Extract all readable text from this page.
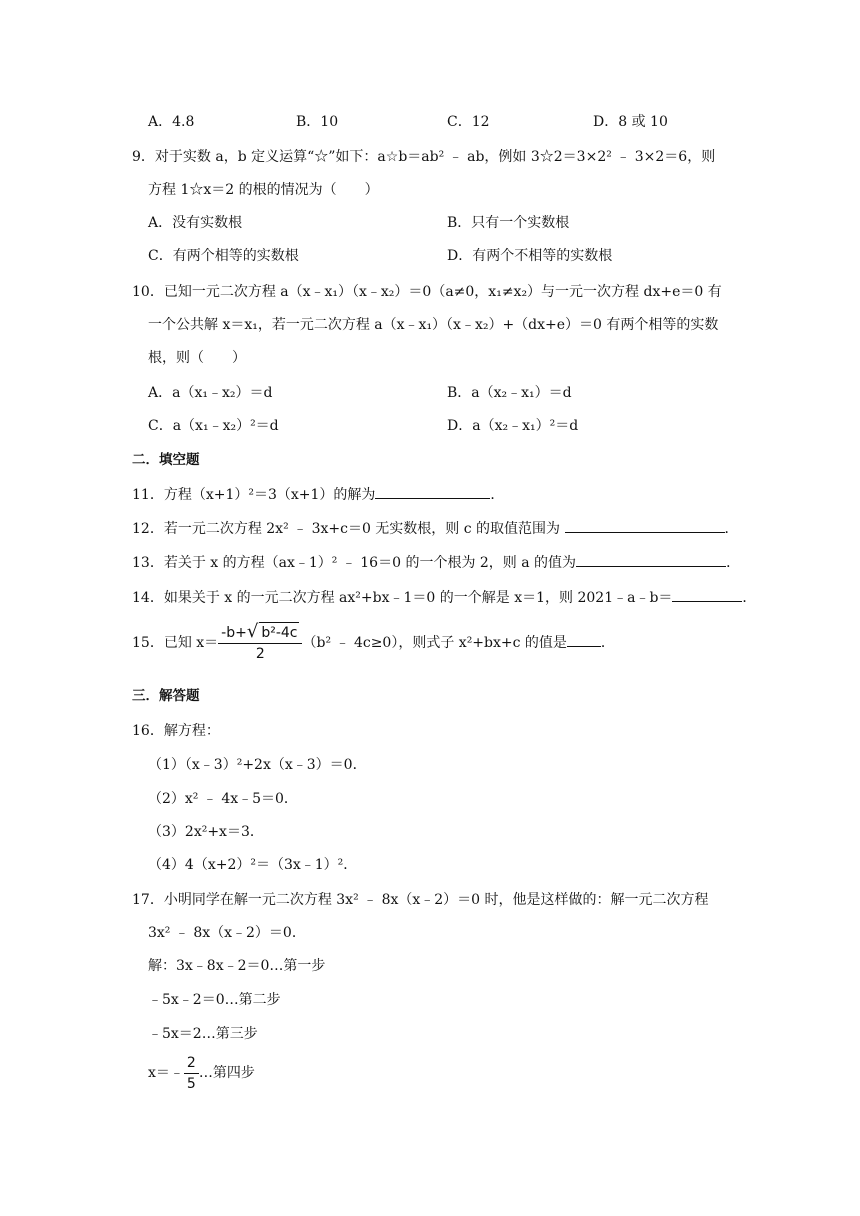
A．4.8	B．10	C．12	D．8 或 10
9．对于实数 a，b 定义运算“☆”如下：a☆b＝ab² ﹣ ab，例如 3☆2＝3×2² ﹣ 3×2＝6，则
方程 1☆x＝2 的根的情况为（　　）
A．没有实数根	B．只有一个实数根
C．有两个相等的实数根	D．有两个不相等的实数根
10．已知一元二次方程 a（x﹣x₁）（x﹣x₂）＝0（a≠0，x₁≠x₂）与一元一次方程 dx+e＝0 有
一个公共解 x＝x₁，若一元二次方程 a（x﹣x₁）（x﹣x₂）+（dx+e）＝0 有两个相等的实数
根，则（　　）
A．a（x₁﹣x₂）＝d	B．a（x₂﹣x₁）＝d
C．a（x₁﹣x₂）²＝d	D．a（x₂﹣x₁）²＝d
二．填空题
11．方程（x+1）²＝3（x+1）的解为	．
12．若一元二次方程 2x² ﹣ 3x+c＝0 无实数根，则 c 的取值范围为	．
13．若关于 x 的方程（ax﹣1）² ﹣ 16＝0 的一个根为 2，则 a 的值为	．
14．如果关于 x 的一元二次方程 ax²+bx﹣1＝0 的一个解是 x＝1，则 2021﹣a﹣b＝	．
15．已知 $x= \frac{\text{-b+√ b²-4c}}{2} (b^2$ ﹣ 4c≥0），则式子 x²+bx+c 的值是 ．
三．解答题
16．解方程：
（1）（x﹣3）²+2x（x﹣3）＝0．
（2）x² ﹣ 4x﹣5＝0．
（3）2x²+x＝3．
（4）4（x+2）²＝（3x﹣1）²．
17．小明同学在解一元二次方程 3x² ﹣ 8x（x﹣2）＝0 时，他是这样做的：解一元二次方程
3x² ﹣ 8x（x﹣2）＝0．
解：3x﹣8x﹣2＝0…第一步
﹣5x﹣2＝0…第二步
﹣5x＝2…第三步
x＝﹣ $\frac{2}{5}$ …第四步
